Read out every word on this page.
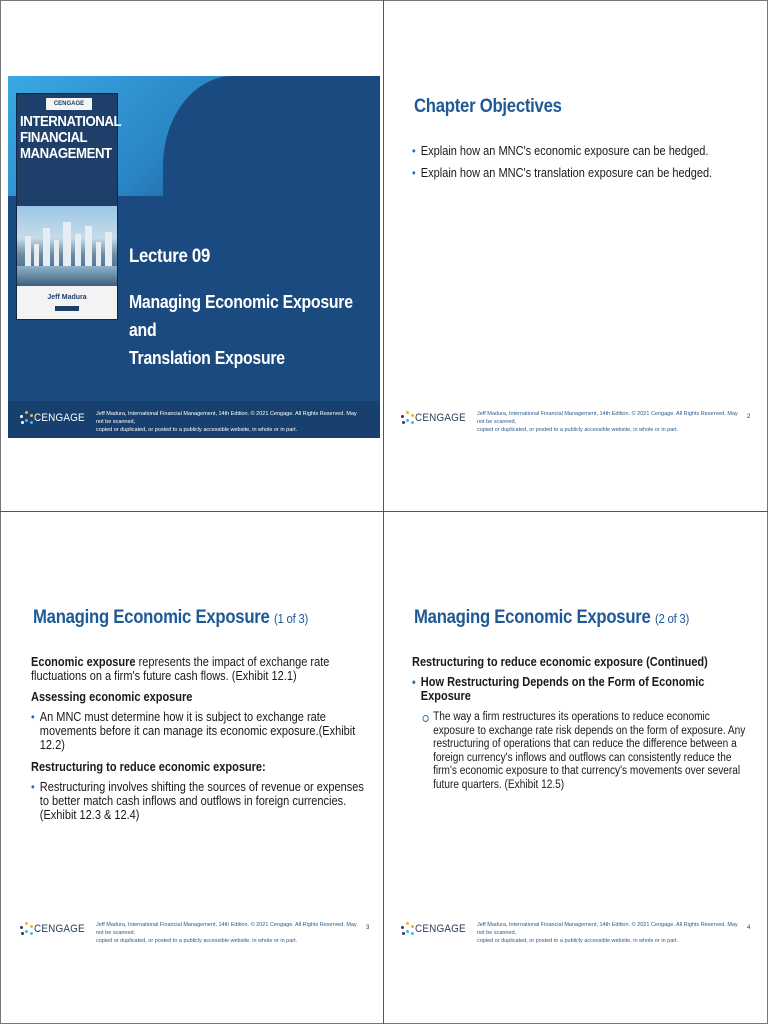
CENGAGE
INTERNATIONAL
FINANCIAL
MANAGEMENT
Jeff Madura
Lecture 09
Managing Economic Exposure and
Translation Exposure
CENGAGE Jeff Madura, International Financial Management, 14th Edition. © 2021 Cengage. All Rights Reserved. May not be scanned,
copied or duplicated, or posted to a publicly accessible website, in whole or in part.
Chapter Objectives
• Explain how an MNC's economic exposure can be hedged.
• Explain how an MNC's translation exposure can be hedged.
CENGAGE Jeff Madura, International Financial Management, 14th Edition. © 2021 Cengage. All Rights Reserved. May not be scanned,
copied or duplicated, or posted to a publicly accessible website, in whole or in part.
2
Managing Economic Exposure (1 of 3)

Economic exposure represents the impact of exchange rate fluctuations on a firm's future cash flows. (Exhibit 12.1)

Assessing economic exposure
• An MNC must determine how it is subject to exchange rate movements before it can manage its economic exposure.(Exhibit 12.2)
Restructuring to reduce economic exposure:
• Restructuring involves shifting the sources of revenue or expenses to better match cash inflows and outflows in foreign currencies.(Exhibit 12.3 & 12.4)
CENGAGE Jeff Madura, International Financial Management, 14th Edition. © 2021 Cengage. All Rights Reserved. May not be scanned,
copied or duplicated, or posted to a publicly accessible website, in whole or in part.
3
Managing Economic Exposure (2 of 3)
Restructuring to reduce economic exposure (Continued)
• How Restructuring Depends on the Form of Economic Exposure
The way a firm restructures its operations to reduce economic exposure to exchange rate risk depends on the form of exposure. Any restructuring of operations that can reduce the difference between a foreign currency's inflows and outflows can consistently reduce the firm's economic exposure to that currency's movements over several future quarters. (Exhibit 12.5)
CENGAGE Jeff Madura, International Financial Management, 14th Edition. © 2021 Cengage. All Rights Reserved. May not be scanned,
copied or duplicated, or posted to a publicly accessible website, in whole or in part.
4
